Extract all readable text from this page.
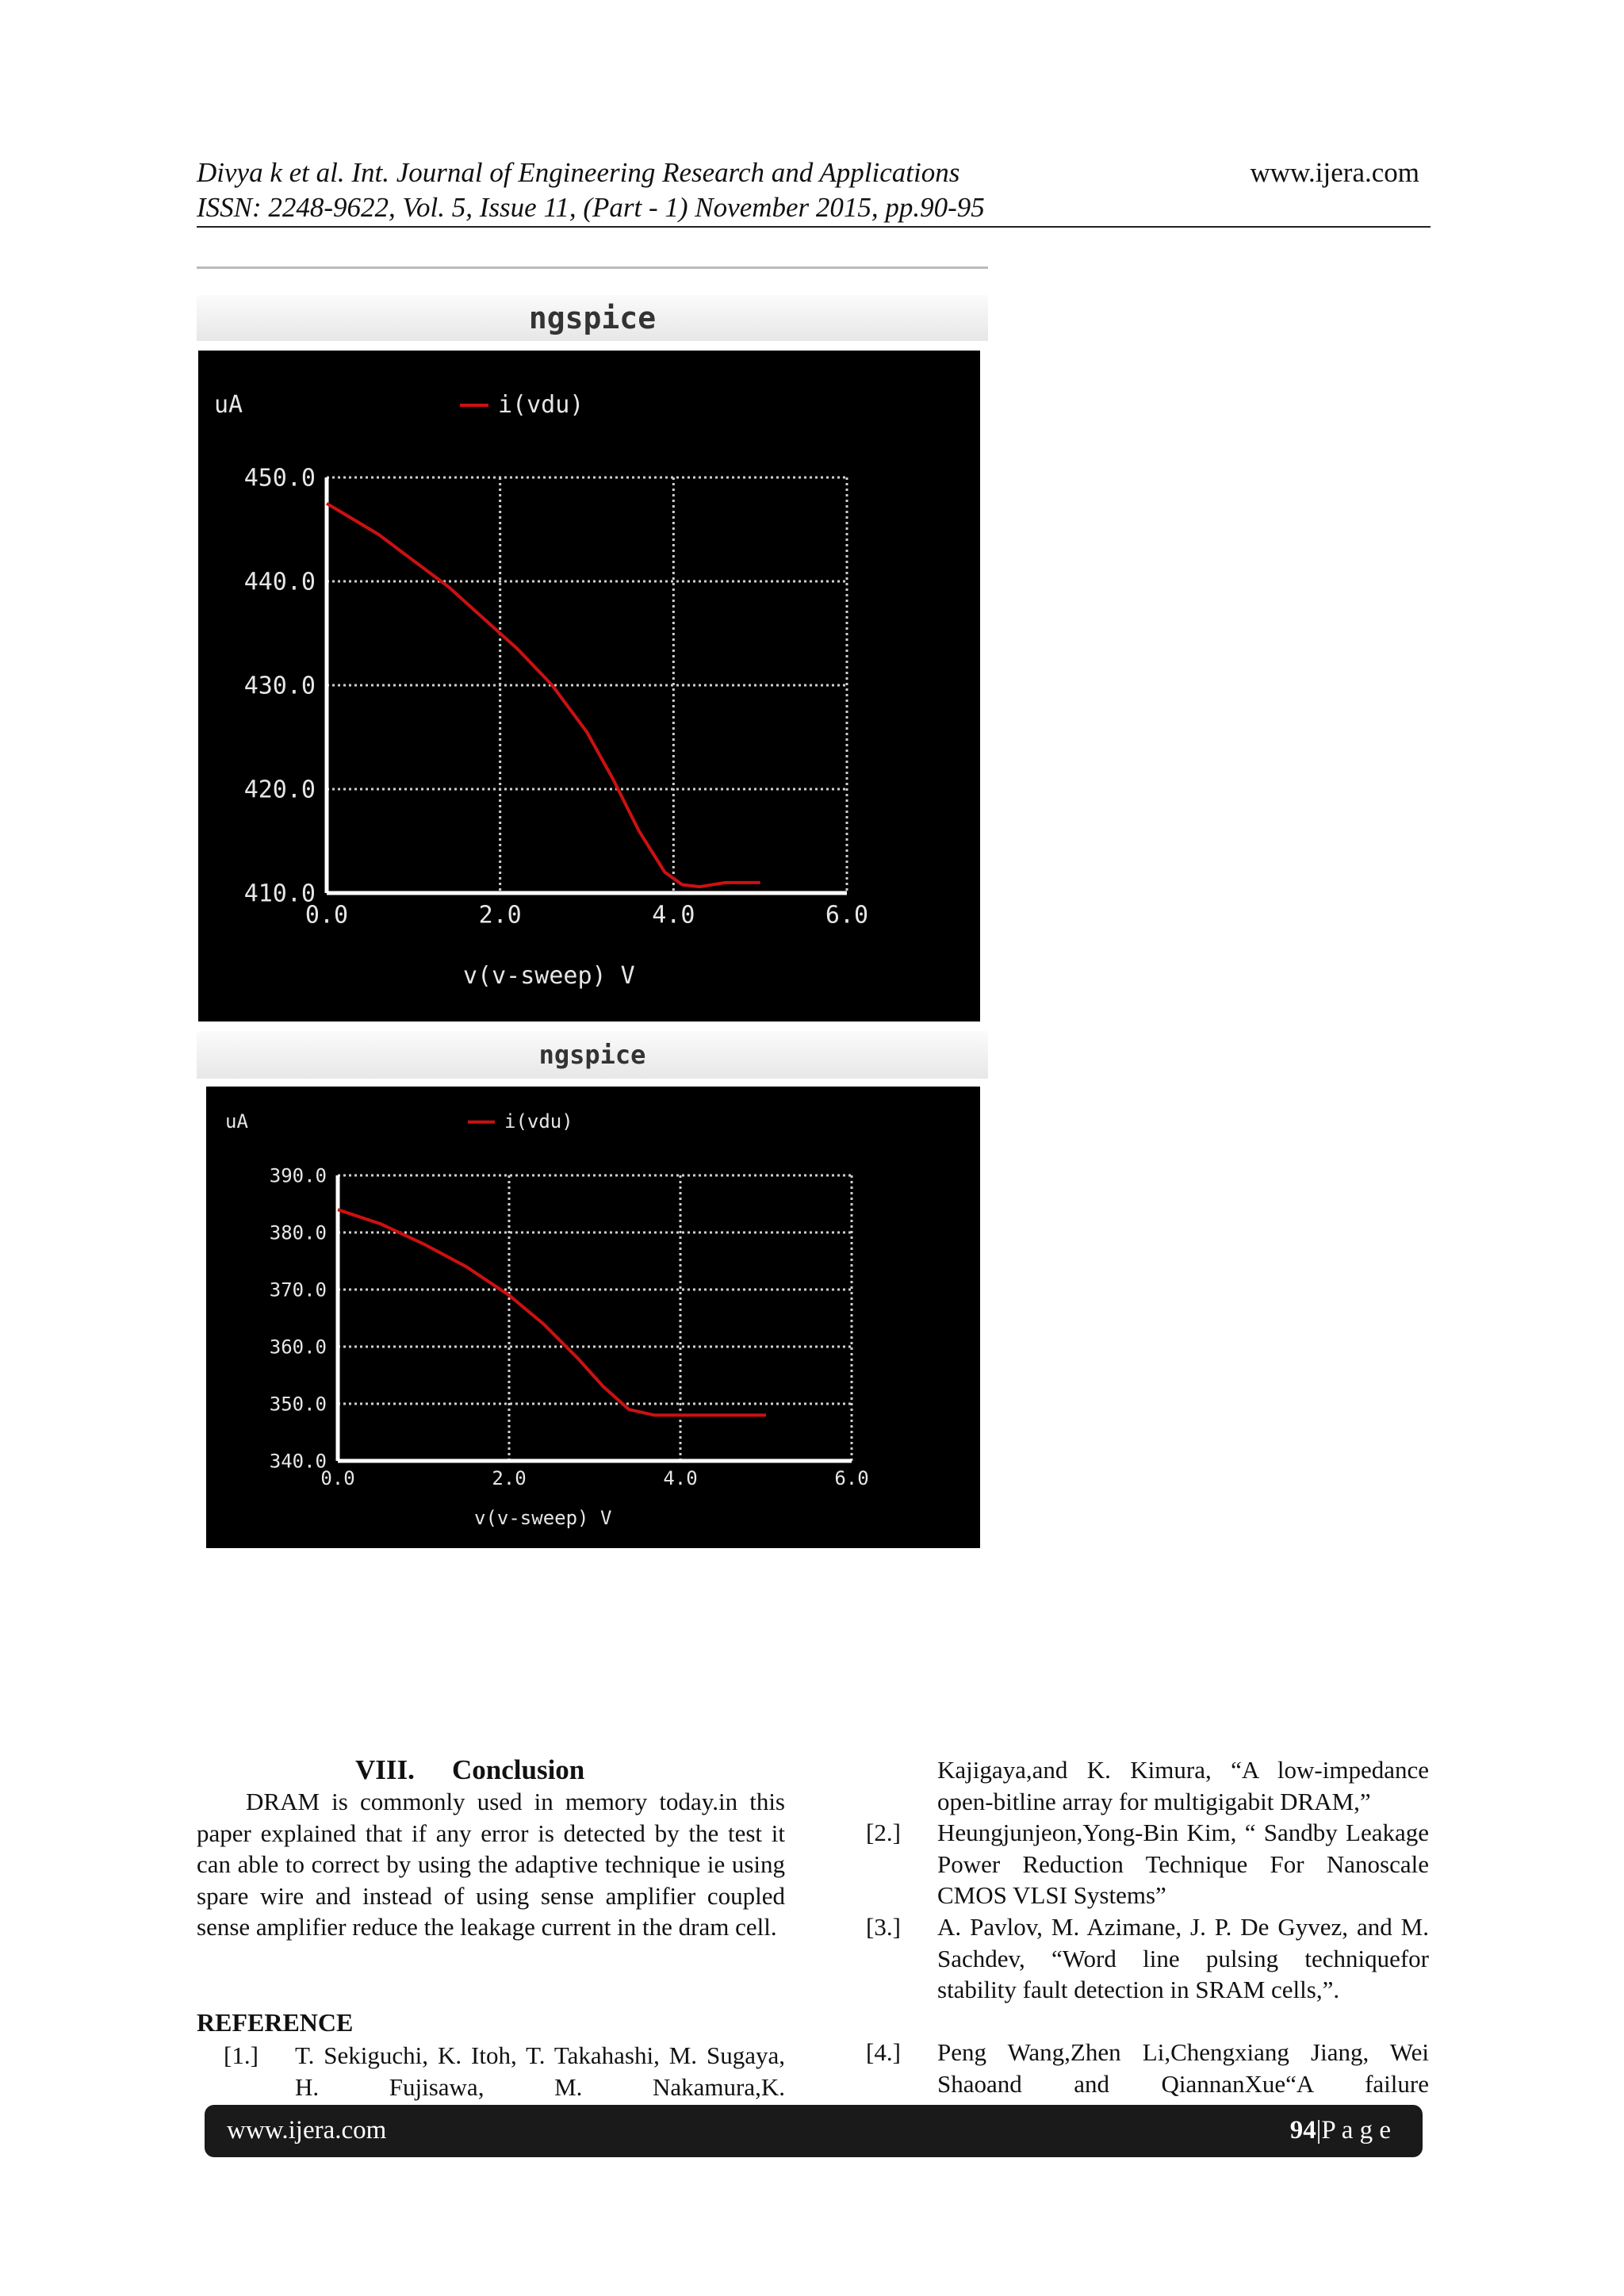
Divya k et al. Int. Journal of Engineering Research and Applications
ISSN: 2248-9622, Vol. 5, Issue 11, (Part - 1) November 2015, pp.90-95
www.ijera.com
ngspice
uA	i(vdu)
450.0
440.0
430.0
420.0
410.0
0.0	2.0	4.0	6.0
v(v-sweep) V
ngspice
uA	i(vdu)
390.0
380.0
370.0
360.0
350.0
340.0
0.0	2.0	4.0	6.0
v(v-sweep) V
VIII. Conclusion

DRAM is commonly used in memory today.in this paper explained that if any error is detected by the test it can able to correct by using the adaptive technique ie using spare wire and instead of using sense amplifier coupled sense amplifier reduce the leakage current in the dram cell.

REFERENCE
[1.] T. Sekiguchi, K. Itoh, T. Takahashi, M. Sugaya, H. Fujisawa, M. Nakamura,K.
Kajigaya,and K. Kimura, “A low-impedance open-bitline array for multigigabit DRAM,”
[2.] Heungjunjeon,Yong-Bin Kim, “ Sandby Leakage Power Reduction Technique For Nanoscale CMOS VLSI Systems”
[3.] A. Pavlov, M. Azimane, J. P. De Gyvez, and M. Sachdev, “Word line pulsing techniquefor stability fault detection in SRAM cells,”.
[4.] Peng Wang,Zhen Li,Chengxiang Jiang, Wei Shaoand and QiannanXue“A failure
www.ijera.com	94|P a g e
